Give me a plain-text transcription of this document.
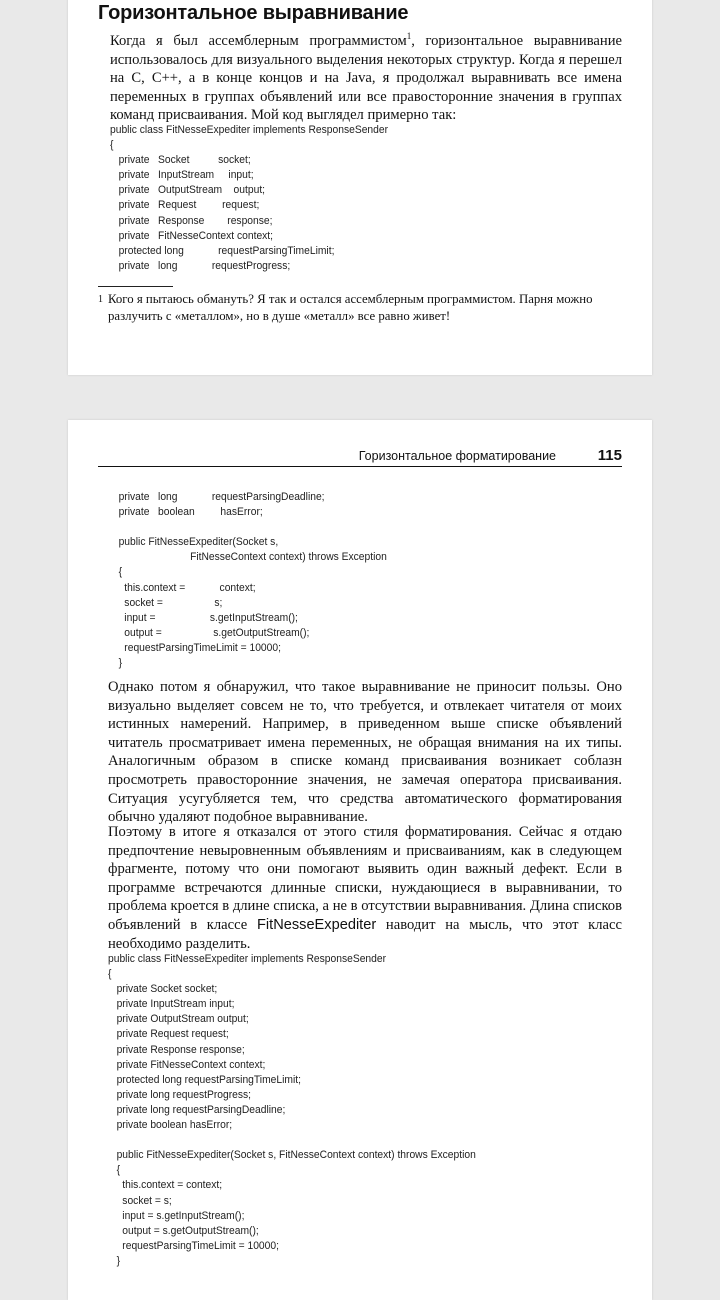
Горизонтальное выравнивание

Когда я был ассемблерным программистом$^1$, горизонтальное выравнивание использовалось для визуального выделения некоторых структур. Когда я перешел на C, C++, а в конце концов и на Java, я продолжал выравнивать все имена переменных в группах объявлений или все правосторонние значения в группах команд присваивания. Мой код выглядел примерно так:

public class FitNesseExpediter implements ResponseSender
{
private   Socket          socket;
private   InputStream     input;
private   OutputStream    output;
private   Request         request;
private   Response        response;
private   FitNesseContext context;
protected long            requestParsingTimeLimit;
private   long            requestProgress;
1 Кого я пытаюсь обмануть? Я так и остался ассемблерным программистом. Парня можно разлучить с «металлом», но в душе «металл» все равно живет!
Горизонтальное форматирование	115
private   long            requestParsingDeadline;
private   boolean         hasError;

public FitNesseExpediter(Socket s,
FitNesseContext context) throws Exception
{
this.context =            context;
socket =                  s;
input =                   s.getInputStream();
output =                  s.getOutputStream();
requestParsingTimeLimit = 10000;
}

Однако потом я обнаружил, что такое выравнивание не приносит пользы. Оно визуально выделяет совсем не то, что требуется, и отвлекает читателя от моих истинных намерений. Например, в приведенном выше списке объявлений читатель просматривает имена переменных, не обращая внимания на их типы. Аналогичным образом в списке команд присваивания возникает соблазн просмотреть правосторонние значения, не замечая оператора присваивания. Ситуация усугубляется тем, что средства автоматического форматирования обычно удаляют подобное выравнивание.

Поэтому в итоге я отказался от этого стиля форматирования. Сейчас я отдаю предпочтение невыровненным объявлениям и присваиваниям, как в следующем фрагменте, потому что они помогают выявить один важный дефект. Если в программе встречаются длинные списки, нуждающиеся в выравнивании, то проблема кроется в длине списка, а не в отсутствии выравнивания. Длина списков объявлений в классе FitNesseExpediter наводит на мысль, что этот класс необходимо разделить.

public class FitNesseExpediter implements ResponseSender
{
private Socket socket;
private InputStream input;
private OutputStream output;
private Request request;
private Response response;
private FitNesseContext context;
protected long requestParsingTimeLimit;
private long requestProgress;
private long requestParsingDeadline;
private boolean hasError;

public FitNesseExpediter(Socket s, FitNesseContext context) throws Exception
{
this.context = context;
socket = s;
input = s.getInputStream();
output = s.getOutputStream();
requestParsingTimeLimit = 10000;
}
